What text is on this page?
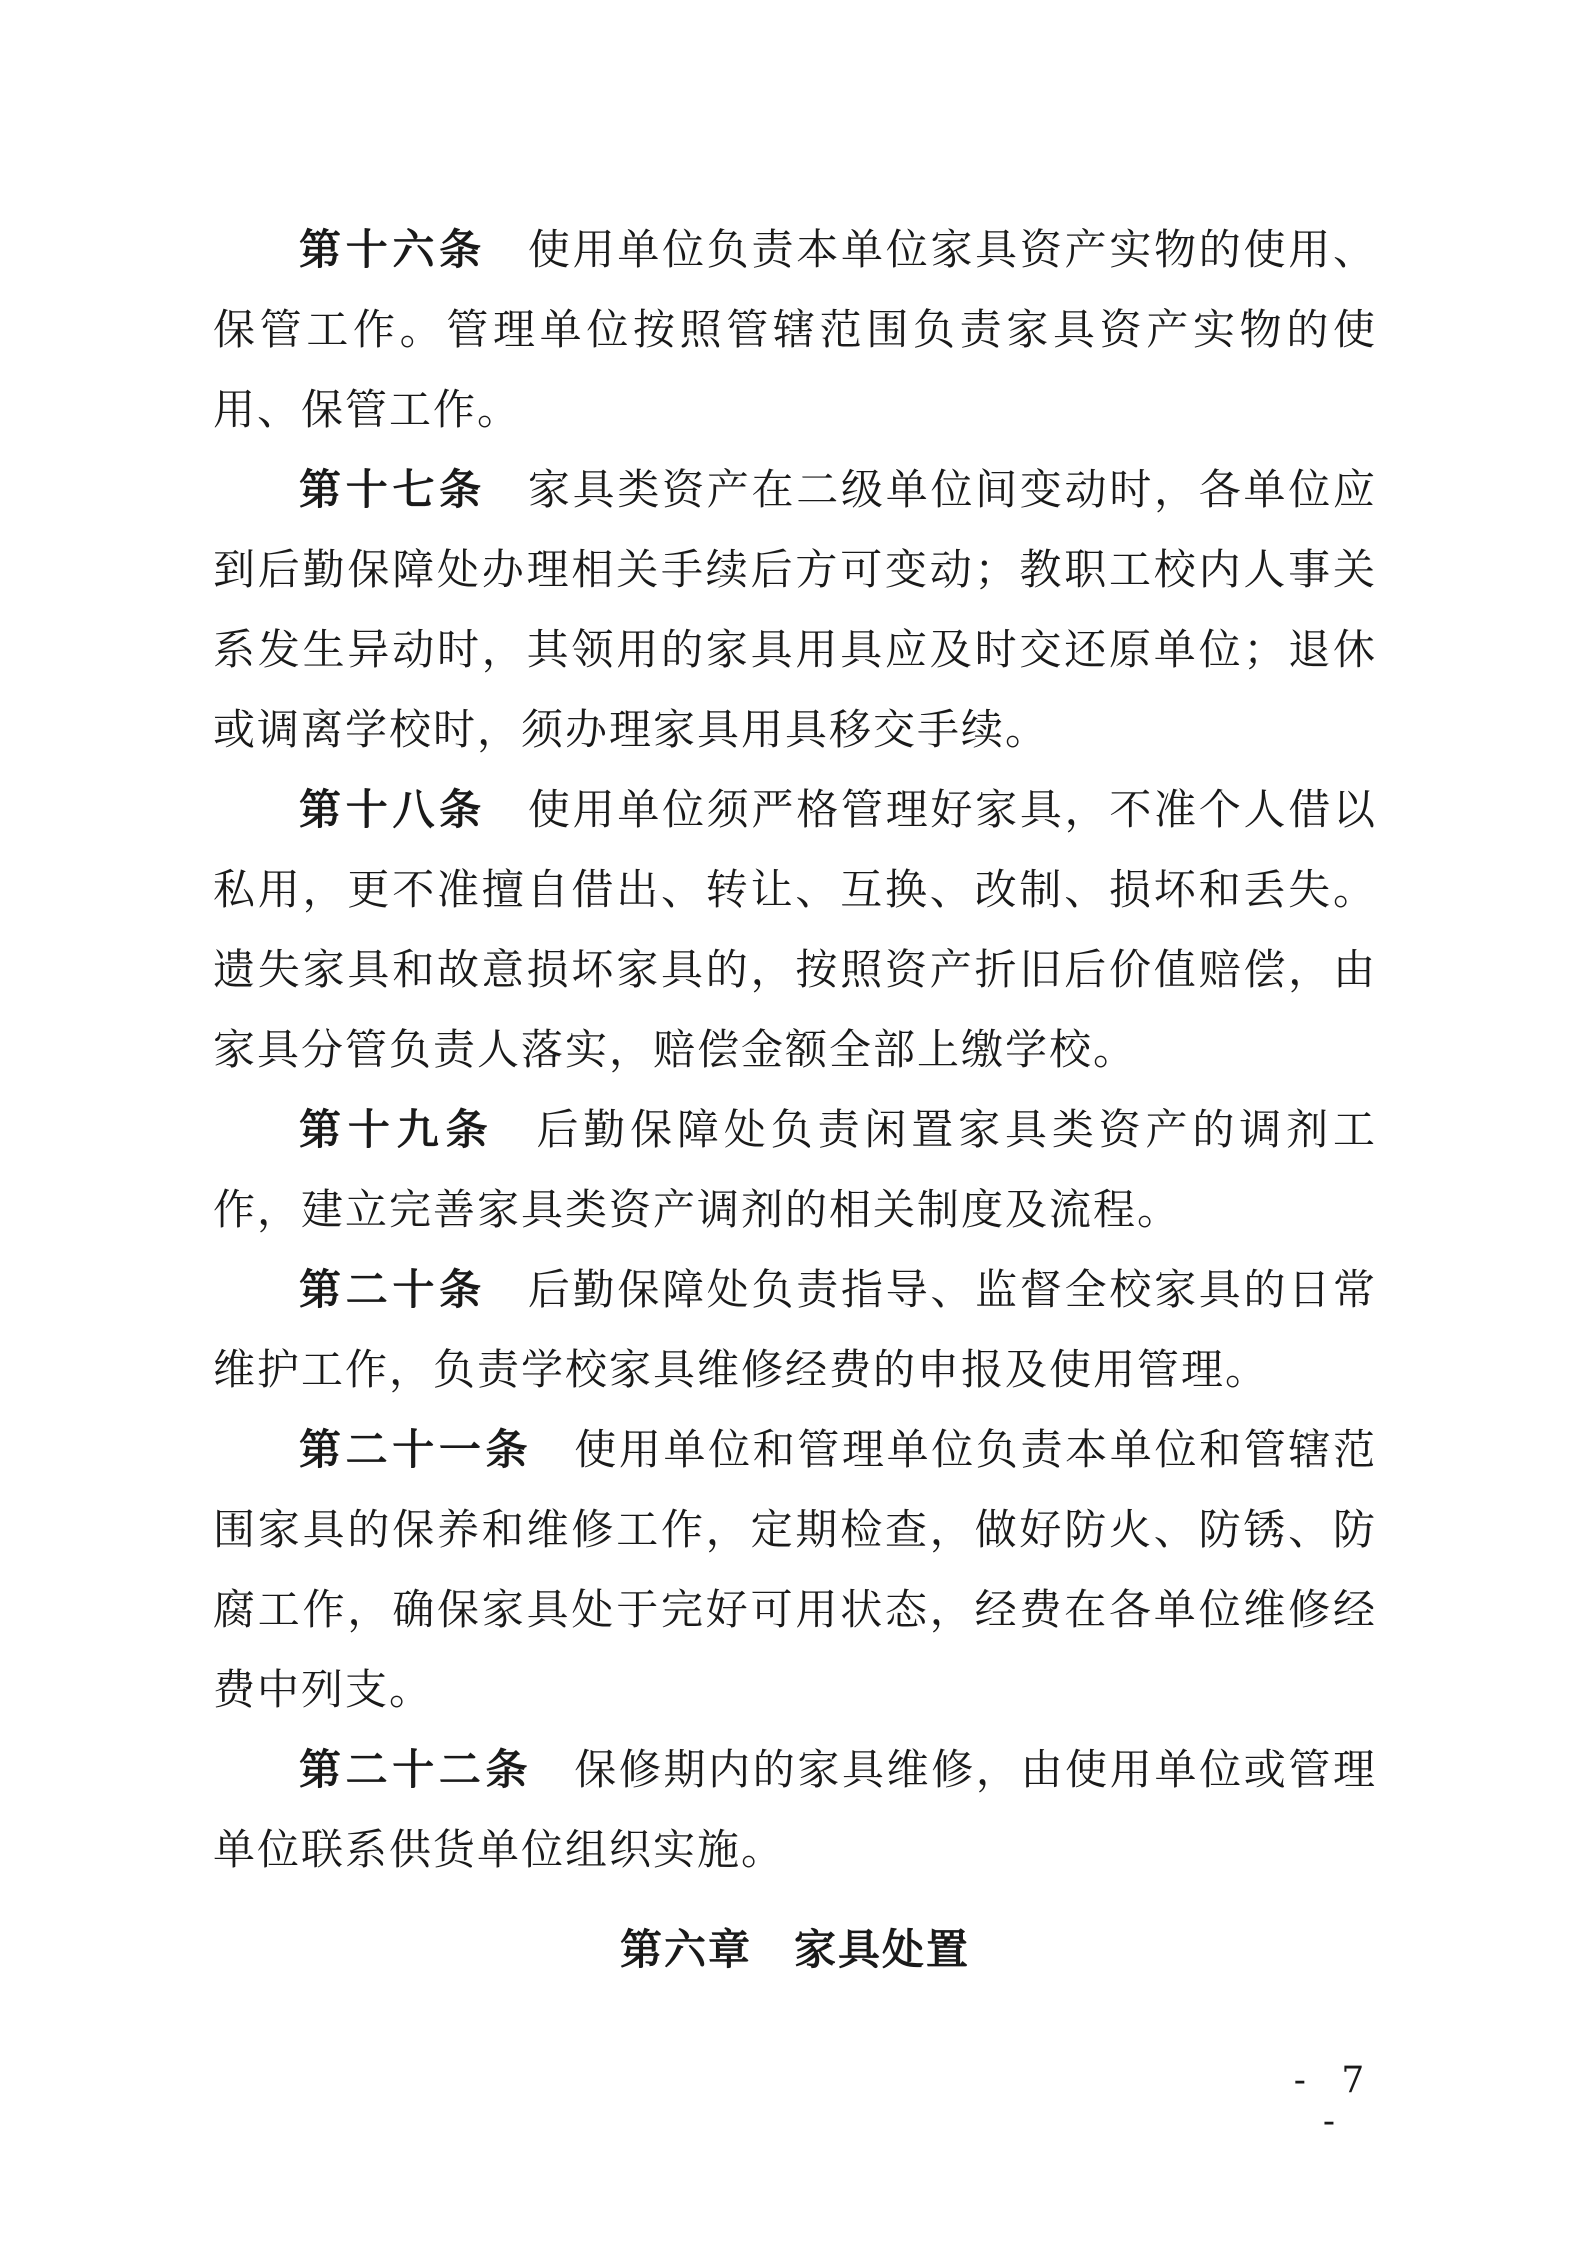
第十六条 使用单位负责本单位家具资产实物的使用、保管工作。管理单位按照管辖范围负责家具资产实物的使用、保管工作。

第十七条 家具类资产在二级单位间变动时，各单位应到后勤保障处办理相关手续后方可变动；教职工校内人事关系发生异动时，其领用的家具用具应及时交还原单位；退休或调离学校时，须办理家具用具移交手续。

第十八条 使用单位须严格管理好家具，不准个人借以私用，更不准擅自借出、转让、互换、改制、损坏和丢失。遗失家具和故意损坏家具的，按照资产折旧后价值赔偿，由家具分管负责人落实，赔偿金额全部上缴学校。

第十九条 后勤保障处负责闲置家具类资产的调剂工作，建立完善家具类资产调剂的相关制度及流程。

第二十条 后勤保障处负责指导、监督全校家具的日常维护工作，负责学校家具维修经费的申报及使用管理。

第二十一条 使用单位和管理单位负责本单位和管辖范围家具的保养和维修工作，定期检查，做好防火、防锈、防腐工作，确保家具处于完好可用状态，经费在各单位维修经费中列支。

第二十二条 保修期内的家具维修，由使用单位或管理单位联系供货单位组织实施。

第六章 家具处置
- 7 -
